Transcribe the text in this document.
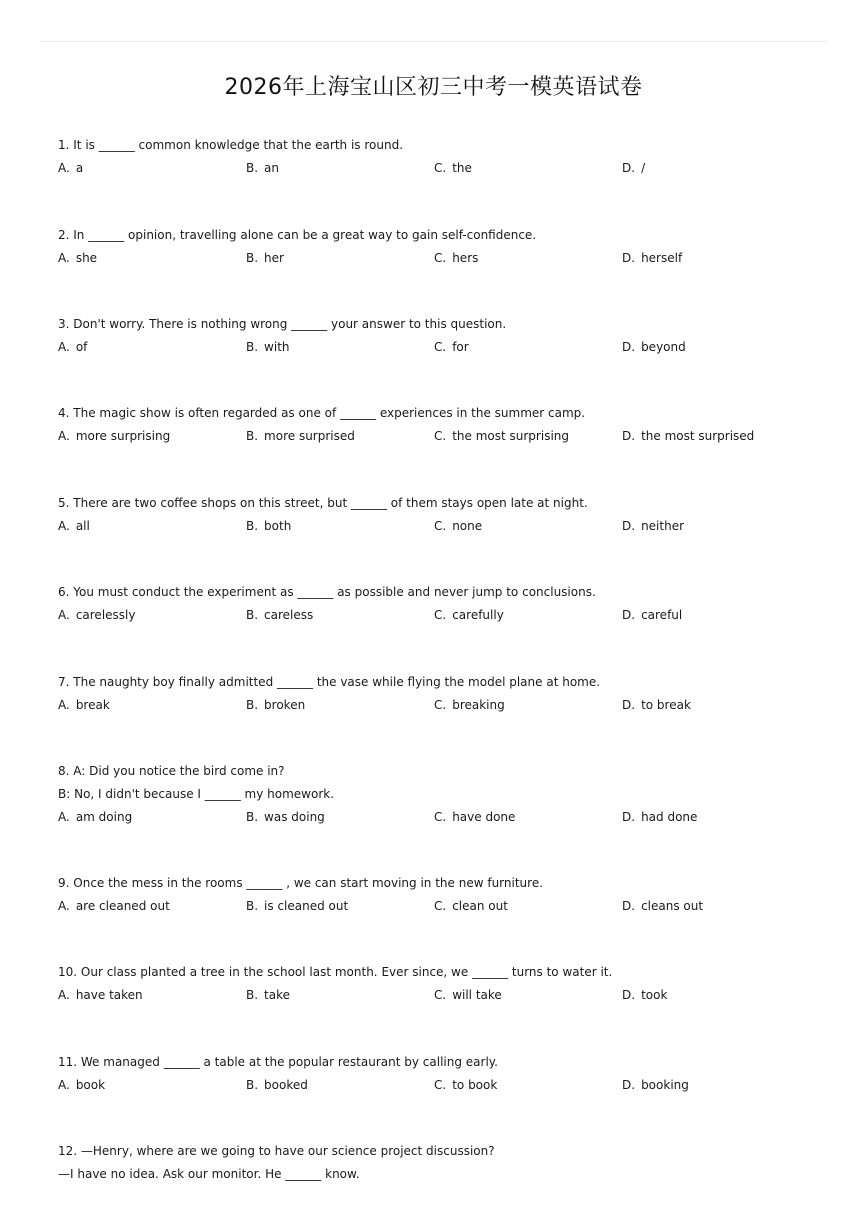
2026年上海宝山区初三中考一模英语试卷
1. It is ______ common knowledge that the earth is round.
A. a	B. an	C. the	D. /
2. In ______ opinion, travelling alone can be a great way to gain self-confidence.
A. she	B. her	C. hers	D. herself
3. Don't worry. There is nothing wrong ______ your answer to this question.
A. of	B. with	C. for	D. beyond
4. The magic show is often regarded as one of ______ experiences in the summer camp.
A. more surprising	B. more surprised	C. the most surprising	D. the most surprised
5. There are two coffee shops on this street, but ______ of them stays open late at night.
A. all	B. both	C. none	D. neither
6. You must conduct the experiment as ______ as possible and never jump to conclusions.
A. carelessly	B. careless	C. carefully	D. careful
7. The naughty boy finally admitted ______ the vase while flying the model plane at home.
A. break	B. broken	C. breaking	D. to break
8. A: Did you notice the bird come in?
B: No, I didn't because I ______ my homework.
A. am doing	B. was doing	C. have done	D. had done
9. Once the mess in the rooms ______ , we can start moving in the new furniture.
A. are cleaned out	B. is cleaned out	C. clean out	D. cleans out
10. Our class planted a tree in the school last month. Ever since, we ______ turns to water it.
A. have taken	B. take	C. will take	D. took
11. We managed ______ a table at the popular restaurant by calling early.
A. book	B. booked	C. to book	D. booking
12. —Henry, where are we going to have our science project discussion?
—I have no idea. Ask our monitor. He ______ know.
